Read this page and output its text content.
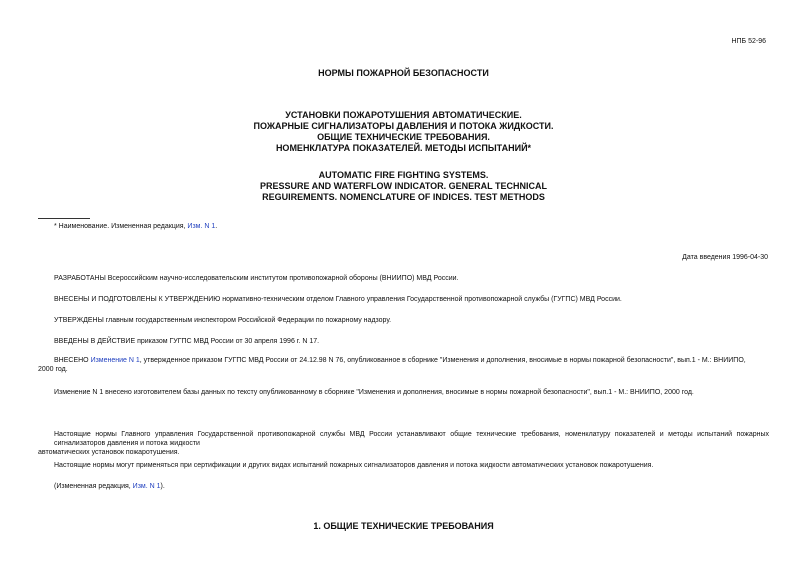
НПБ 52-96
НОРМЫ ПОЖАРНОЙ БЕЗОПАСНОСТИ
УСТАНОВКИ ПОЖАРОТУШЕНИЯ АВТОМАТИЧЕСКИЕ.
ПОЖАРНЫЕ СИГНАЛИЗАТОРЫ ДАВЛЕНИЯ И ПОТОКА ЖИДКОСТИ.
ОБЩИЕ ТЕХНИЧЕСКИЕ ТРЕБОВАНИЯ.
НОМЕНКЛАТУРА ПОКАЗАТЕЛЕЙ. МЕТОДЫ ИСПЫТАНИЙ*
AUTOMATIC FIRE FIGHTING SYSTEMS.
PRESSURE AND WATERFLOW INDICATOR. GENERAL TECHNICAL
REGUIREMENTS. NOMENCLATURE OF INDICES. TEST METHODS
* Наименование. Измененная редакция, Изм. N 1.
Дата введения 1996-04-30
РАЗРАБОТАНЫ Всероссийским научно-исследовательским институтом противопожарной обороны (ВНИИПО) МВД России.
ВНЕСЕНЫ И ПОДГОТОВЛЕНЫ К УТВЕРЖДЕНИЮ нормативно-техническим отделом Главного управления Государственной противопожарной службы (ГУГПС) МВД России.
УТВЕРЖДЕНЫ главным государственным инспектором Российской Федерации по пожарному надзору.
ВВЕДЕНЫ В ДЕЙСТВИЕ приказом ГУГПС МВД России от 30 апреля 1996 г. N 17.
ВНЕСЕНО Изменение N 1, утвержденное приказом ГУГПС МВД России от 24.12.98 N 76, опубликованное в сборнике "Изменения и дополнения, вносимые в нормы пожарной безопасности", вып.1 - М.: ВНИИПО,
2000 год.
Изменение N 1 внесено изготовителем базы данных по тексту опубликованному в сборнике "Изменения и дополнения, вносимые в нормы пожарной безопасности", вып.1 - М.: ВНИИПО, 2000 год.
Настоящие нормы Главного управления Государственной противопожарной службы МВД России устанавливают общие технические требования, номенклатуру показателей и методы испытаний пожарных сигнализаторов давления и потока жидкости
автоматических установок пожаротушения.
Настоящие нормы могут применяться при сертификации и других видах испытаний пожарных сигнализаторов давления и потока жидкости автоматических установок пожаротушения.
(Измененная редакция, Изм. N 1).
1. ОБЩИЕ ТЕХНИЧЕСКИЕ ТРЕБОВАНИЯ
